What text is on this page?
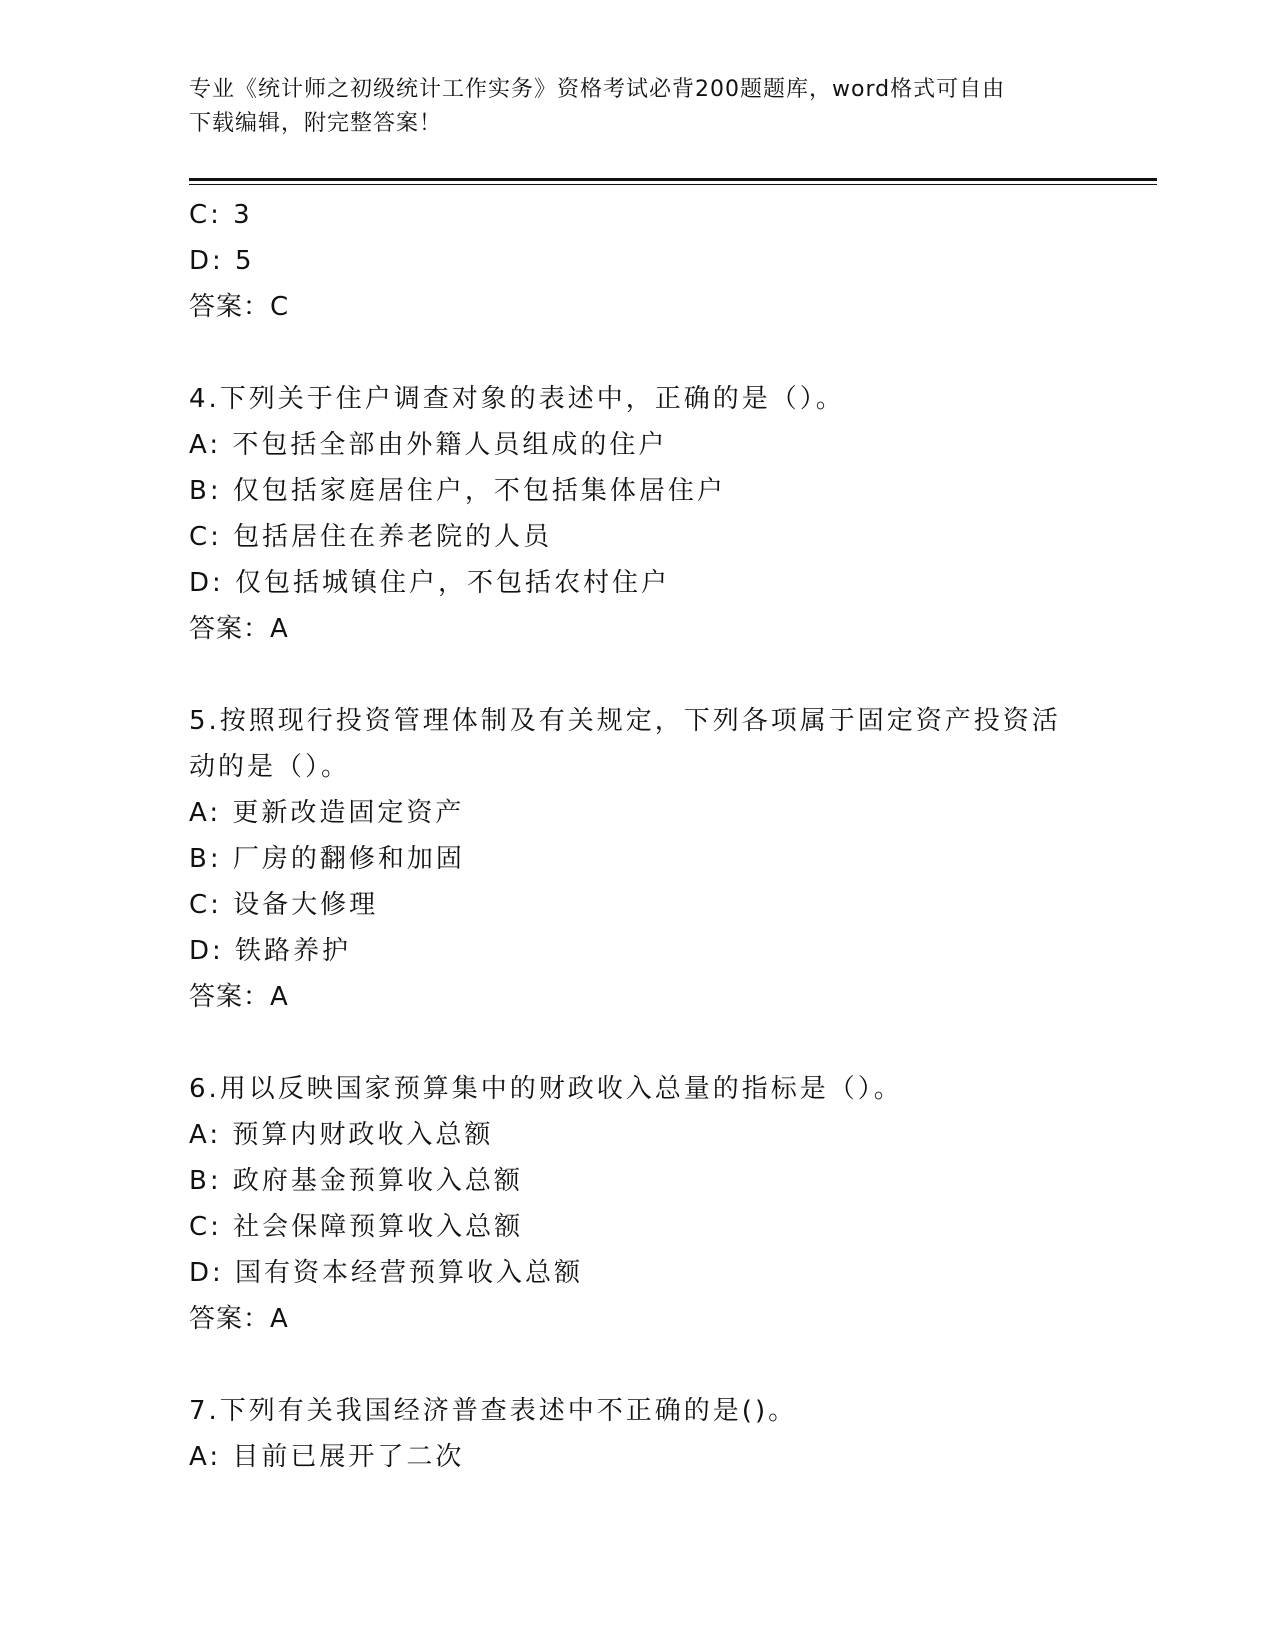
专业《统计师之初级统计工作实务》资格考试必背200题题库，word格式可自由
下载编辑，附完整答案！
C: 3
D: 5
答案：C
4.下列关于住户调查对象的表述中，正确的是（）。
A: 不包括全部由外籍人员组成的住户
B: 仅包括家庭居住户，不包括集体居住户
C: 包括居住在养老院的人员
D: 仅包括城镇住户，不包括农村住户
答案：A
5.按照现行投资管理体制及有关规定，下列各项属于固定资产投资活
动的是（）。
A: 更新改造固定资产
B: 厂房的翻修和加固
C: 设备大修理
D: 铁路养护
答案：A
6.用以反映国家预算集中的财政收入总量的指标是（）。
A: 预算内财政收入总额
B: 政府基金预算收入总额
C: 社会保障预算收入总额
D: 国有资本经营预算收入总额
答案：A
7.下列有关我国经济普查表述中不正确的是()。
A: 目前已展开了二次
